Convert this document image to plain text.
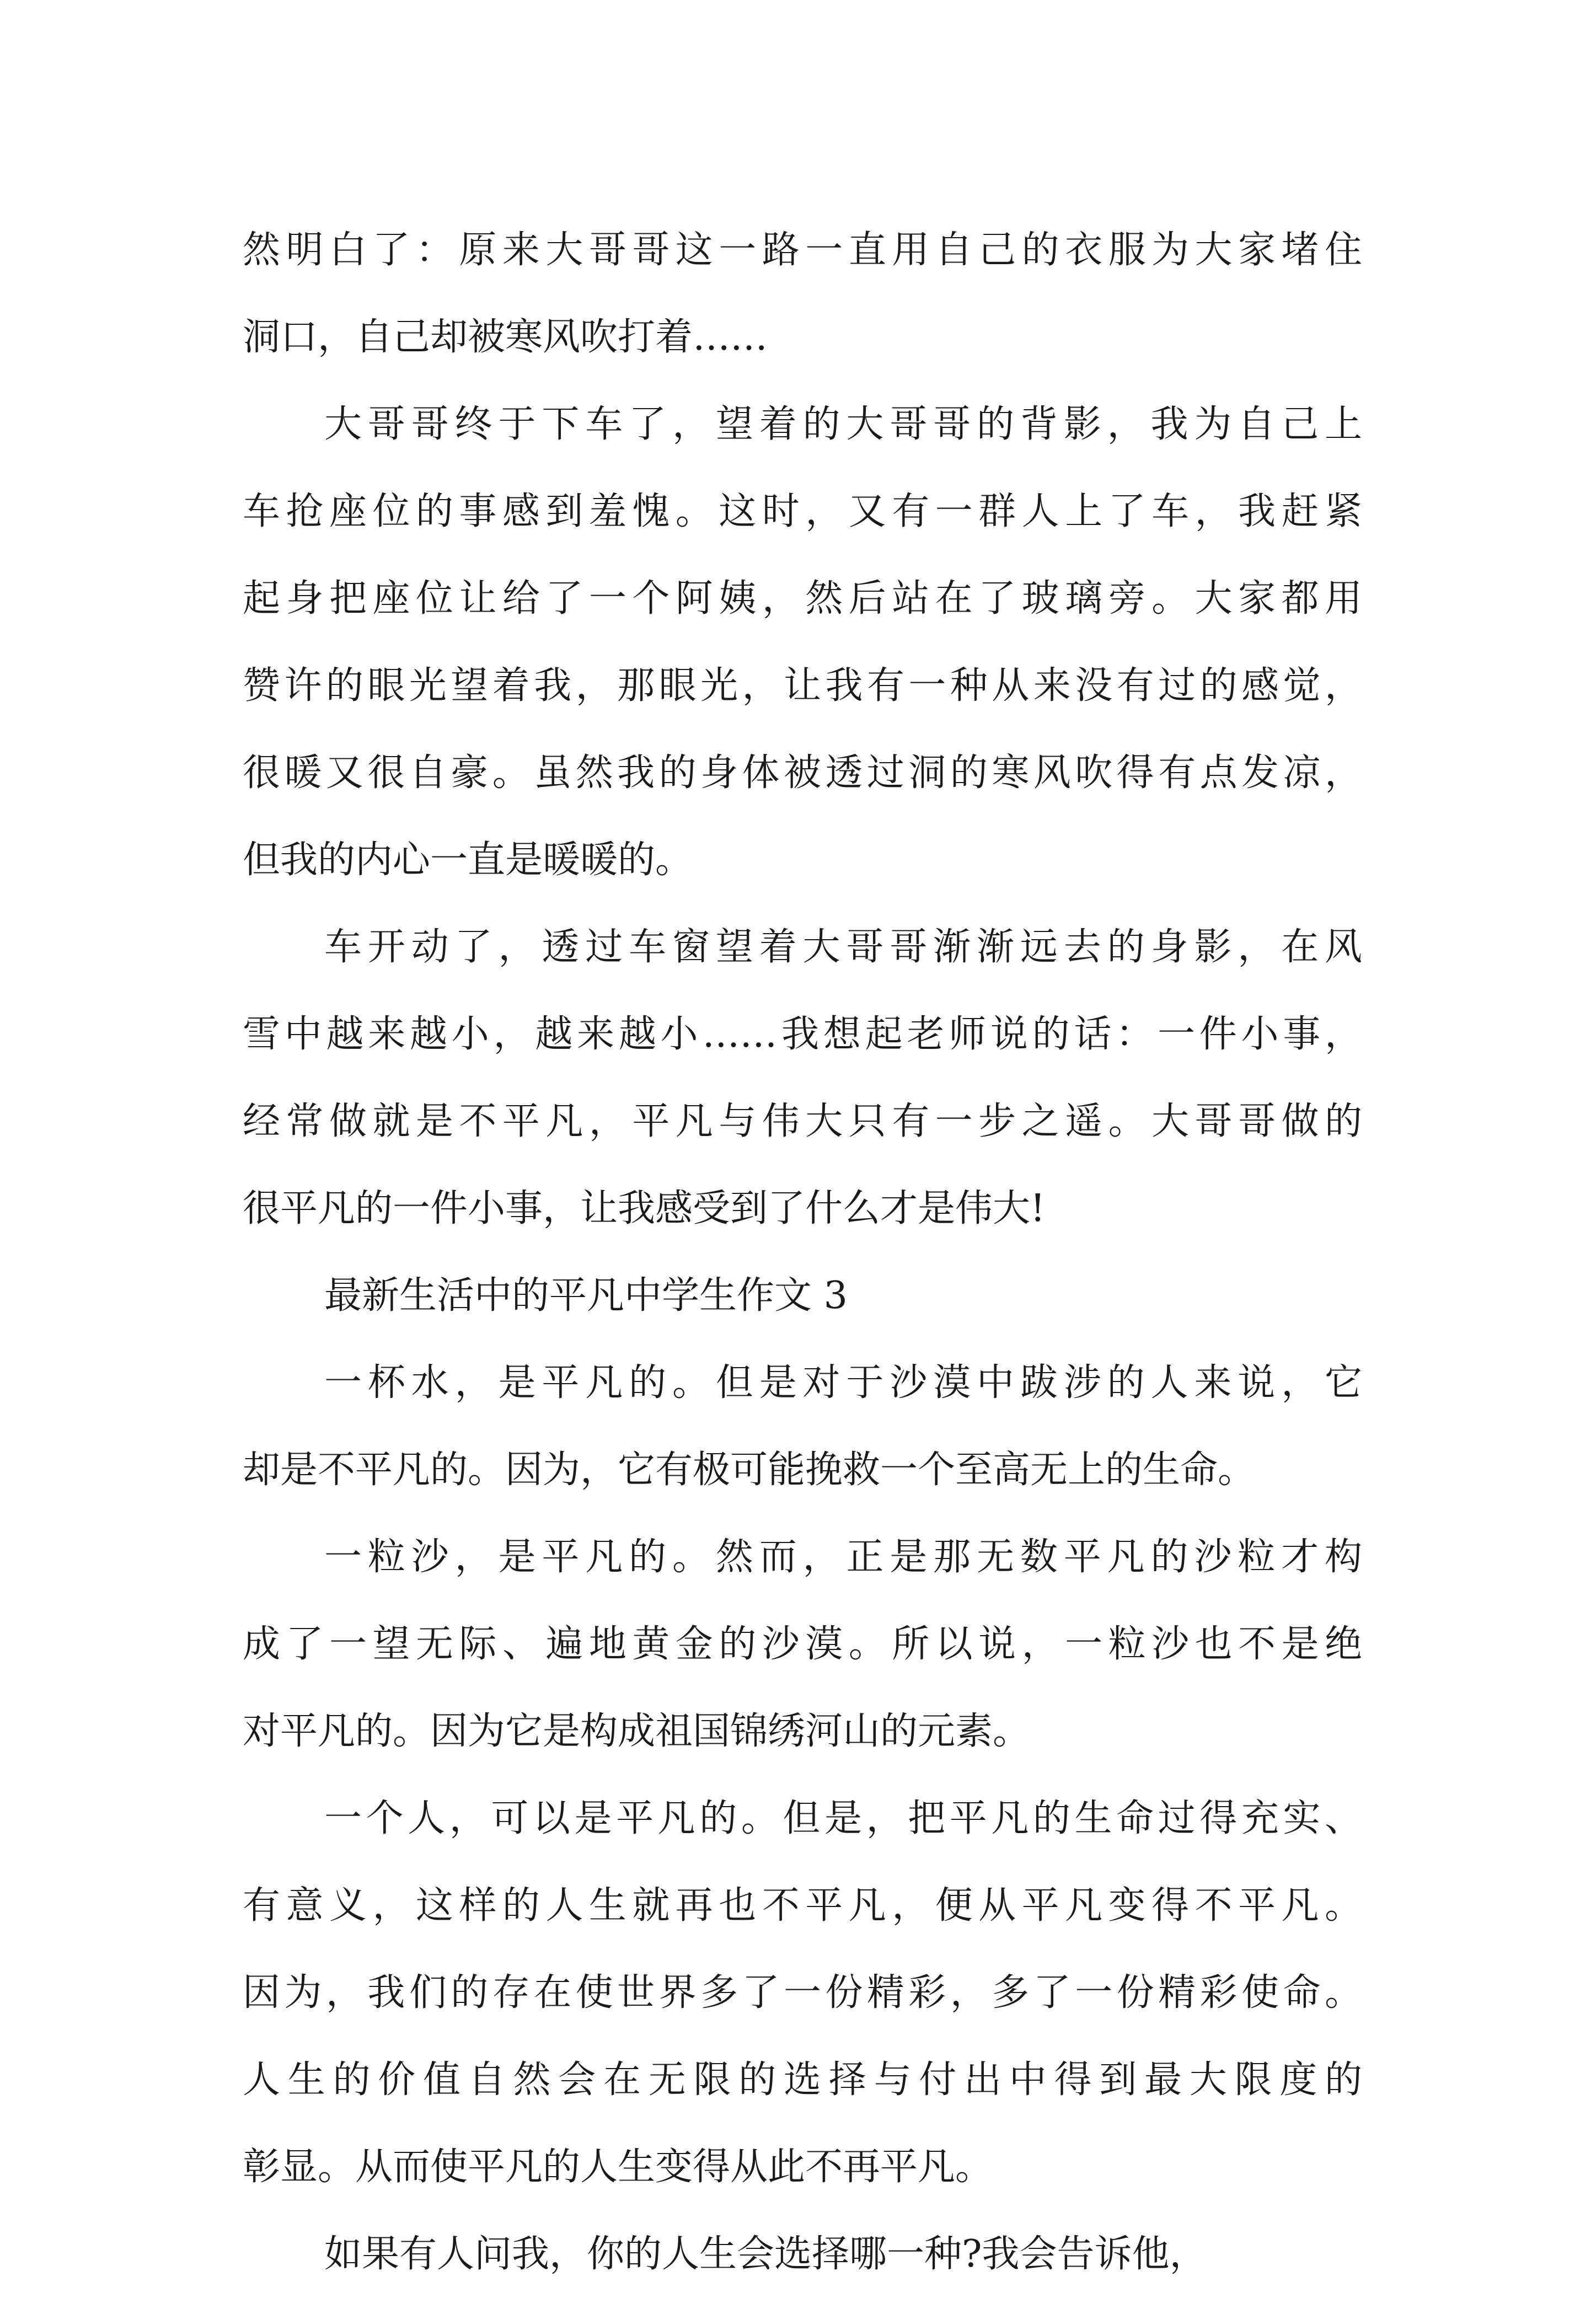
然明白了：原来大哥哥这一路一直用自己的衣服为大家堵住
洞口，自己却被寒风吹打着……
大哥哥终于下车了，望着的大哥哥的背影，我为自己上
车抢座位的事感到羞愧。这时，又有一群人上了车，我赶紧
起身把座位让给了一个阿姨，然后站在了玻璃旁。大家都用
赞许的眼光望着我，那眼光，让我有一种从来没有过的感觉，
很暖又很自豪。虽然我的身体被透过洞的寒风吹得有点发凉，
但我的内心一直是暖暖的。
车开动了，透过车窗望着大哥哥渐渐远去的身影，在风
雪中越来越小，越来越小……我想起老师说的话：一件小事，
经常做就是不平凡，平凡与伟大只有一步之遥。大哥哥做的
很平凡的一件小事，让我感受到了什么才是伟大!
最新生活中的平凡中学生作文 3
一杯水，是平凡的。但是对于沙漠中跋涉的人来说，它
却是不平凡的。因为，它有极可能挽救一个至高无上的生命。
一粒沙，是平凡的。然而，正是那无数平凡的沙粒才构
成了一望无际、遍地黄金的沙漠。所以说，一粒沙也不是绝
对平凡的。因为它是构成祖国锦绣河山的元素。
一个人，可以是平凡的。但是，把平凡的生命过得充实、
有意义，这样的人生就再也不平凡，便从平凡变得不平凡。
因为，我们的存在使世界多了一份精彩，多了一份精彩使命。
人生的价值自然会在无限的选择与付出中得到最大限度的
彰显。从而使平凡的人生变得从此不再平凡。
如果有人问我，你的人生会选择哪一种?我会告诉他，
